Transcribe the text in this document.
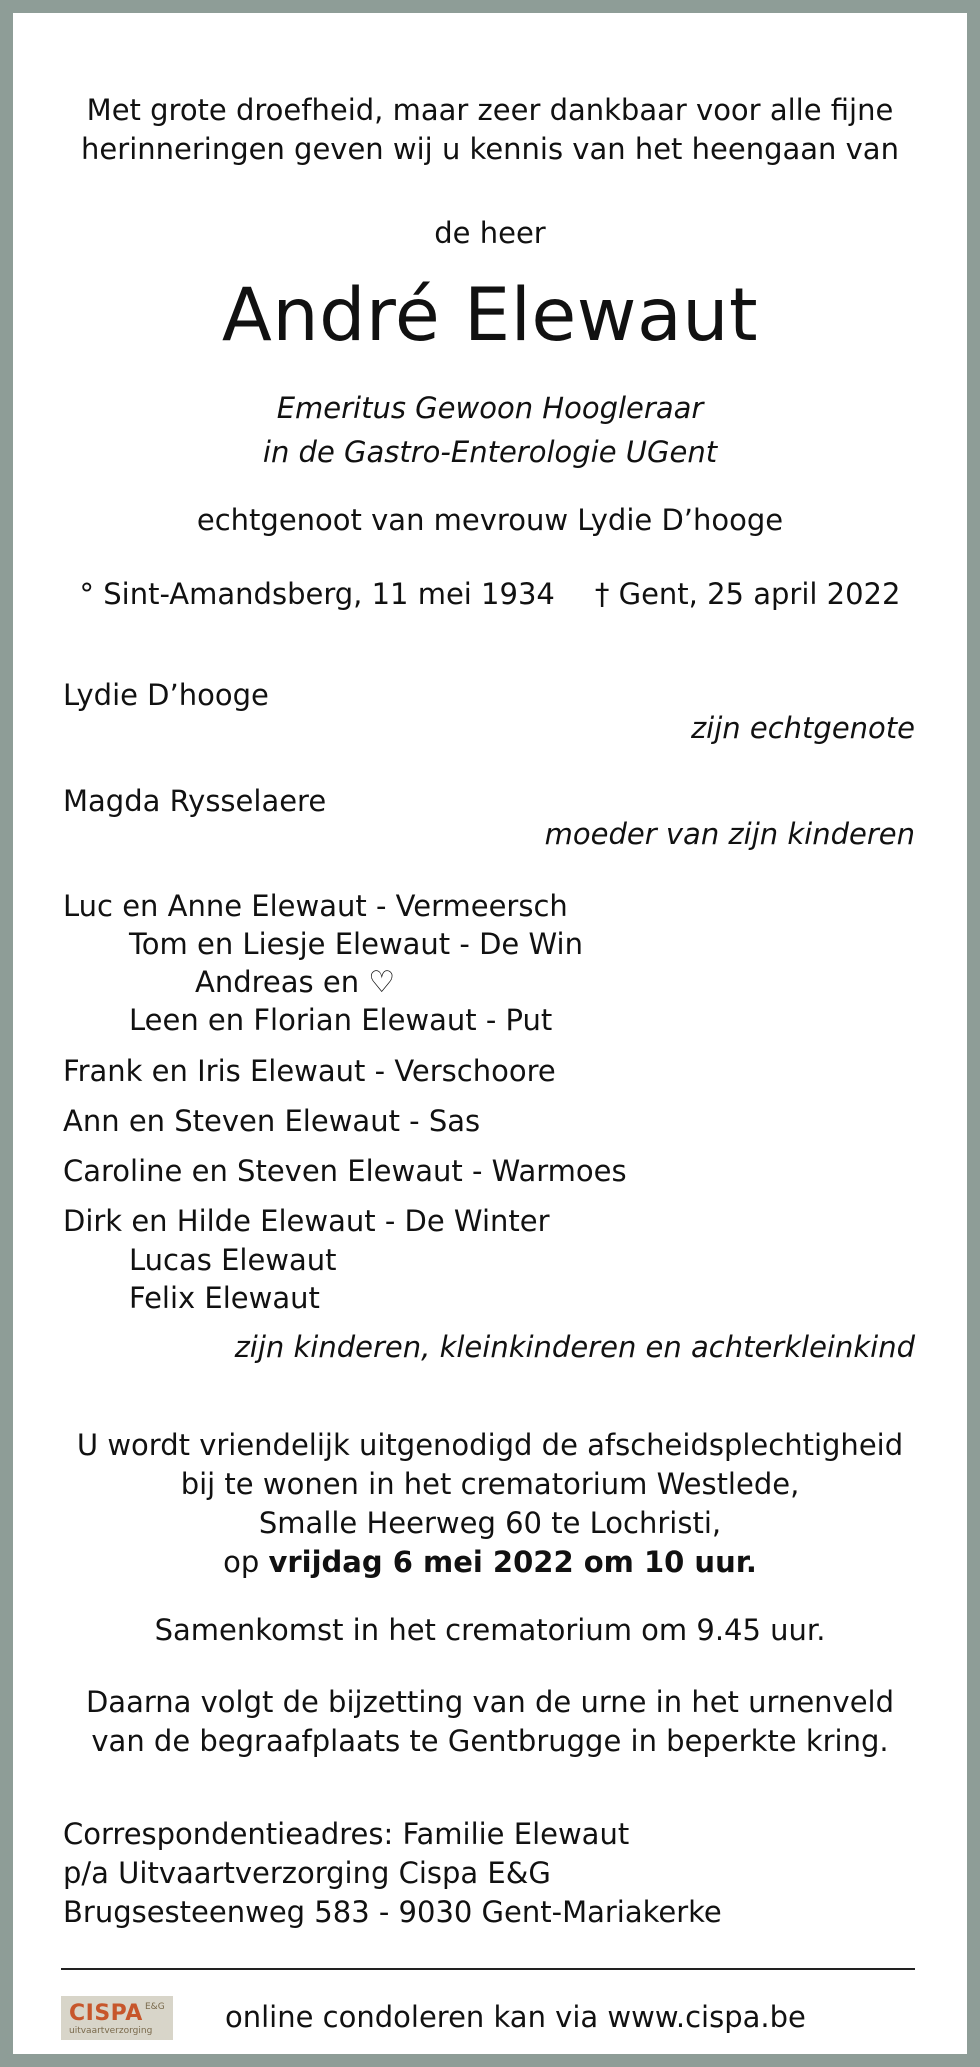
Met grote droefheid, maar zeer dankbaar voor alle fijne
herinneringen geven wij u kennis van het heengaan van
de heer
André Elewaut
Emeritus Gewoon Hoogleraar
in de Gastro-Enterologie UGent
echtgenoot van mevrouw Lydie D’hooge
° Sint-Amandsberg, 11 mei 1934 † Gent, 25 april 2022
Lydie D’hooge
zijn echtgenote
Magda Rysselaere
moeder van zijn kinderen
Luc en Anne Elewaut - Vermeersch
Tom en Liesje Elewaut - De Win
Andreas en ♡
Leen en Florian Elewaut - Put
Frank en Iris Elewaut - Verschoore
Ann en Steven Elewaut - Sas
Caroline en Steven Elewaut - Warmoes
Dirk en Hilde Elewaut - De Winter
Lucas Elewaut
Felix Elewaut
zijn kinderen, kleinkinderen en achterkleinkind
U wordt vriendelijk uitgenodigd de afscheidsplechtigheid
bij te wonen in het crematorium Westlede,
Smalle Heerweg 60 te Lochristi,
op vrijdag 6 mei 2022 om 10 uur.
Samenkomst in het crematorium om 9.45 uur.
Daarna volgt de bijzetting van de urne in het urnenveld
van de begraafplaats te Gentbrugge in beperkte kring.
Correspondentieadres: Familie Elewaut
p/a Uitvaartverzorging Cispa E&G
Brugsesteenweg 583 - 9030 Gent-Mariakerke
CISPA E&G
uitvaartverzorging	online condoleren kan via www.cispa.be
